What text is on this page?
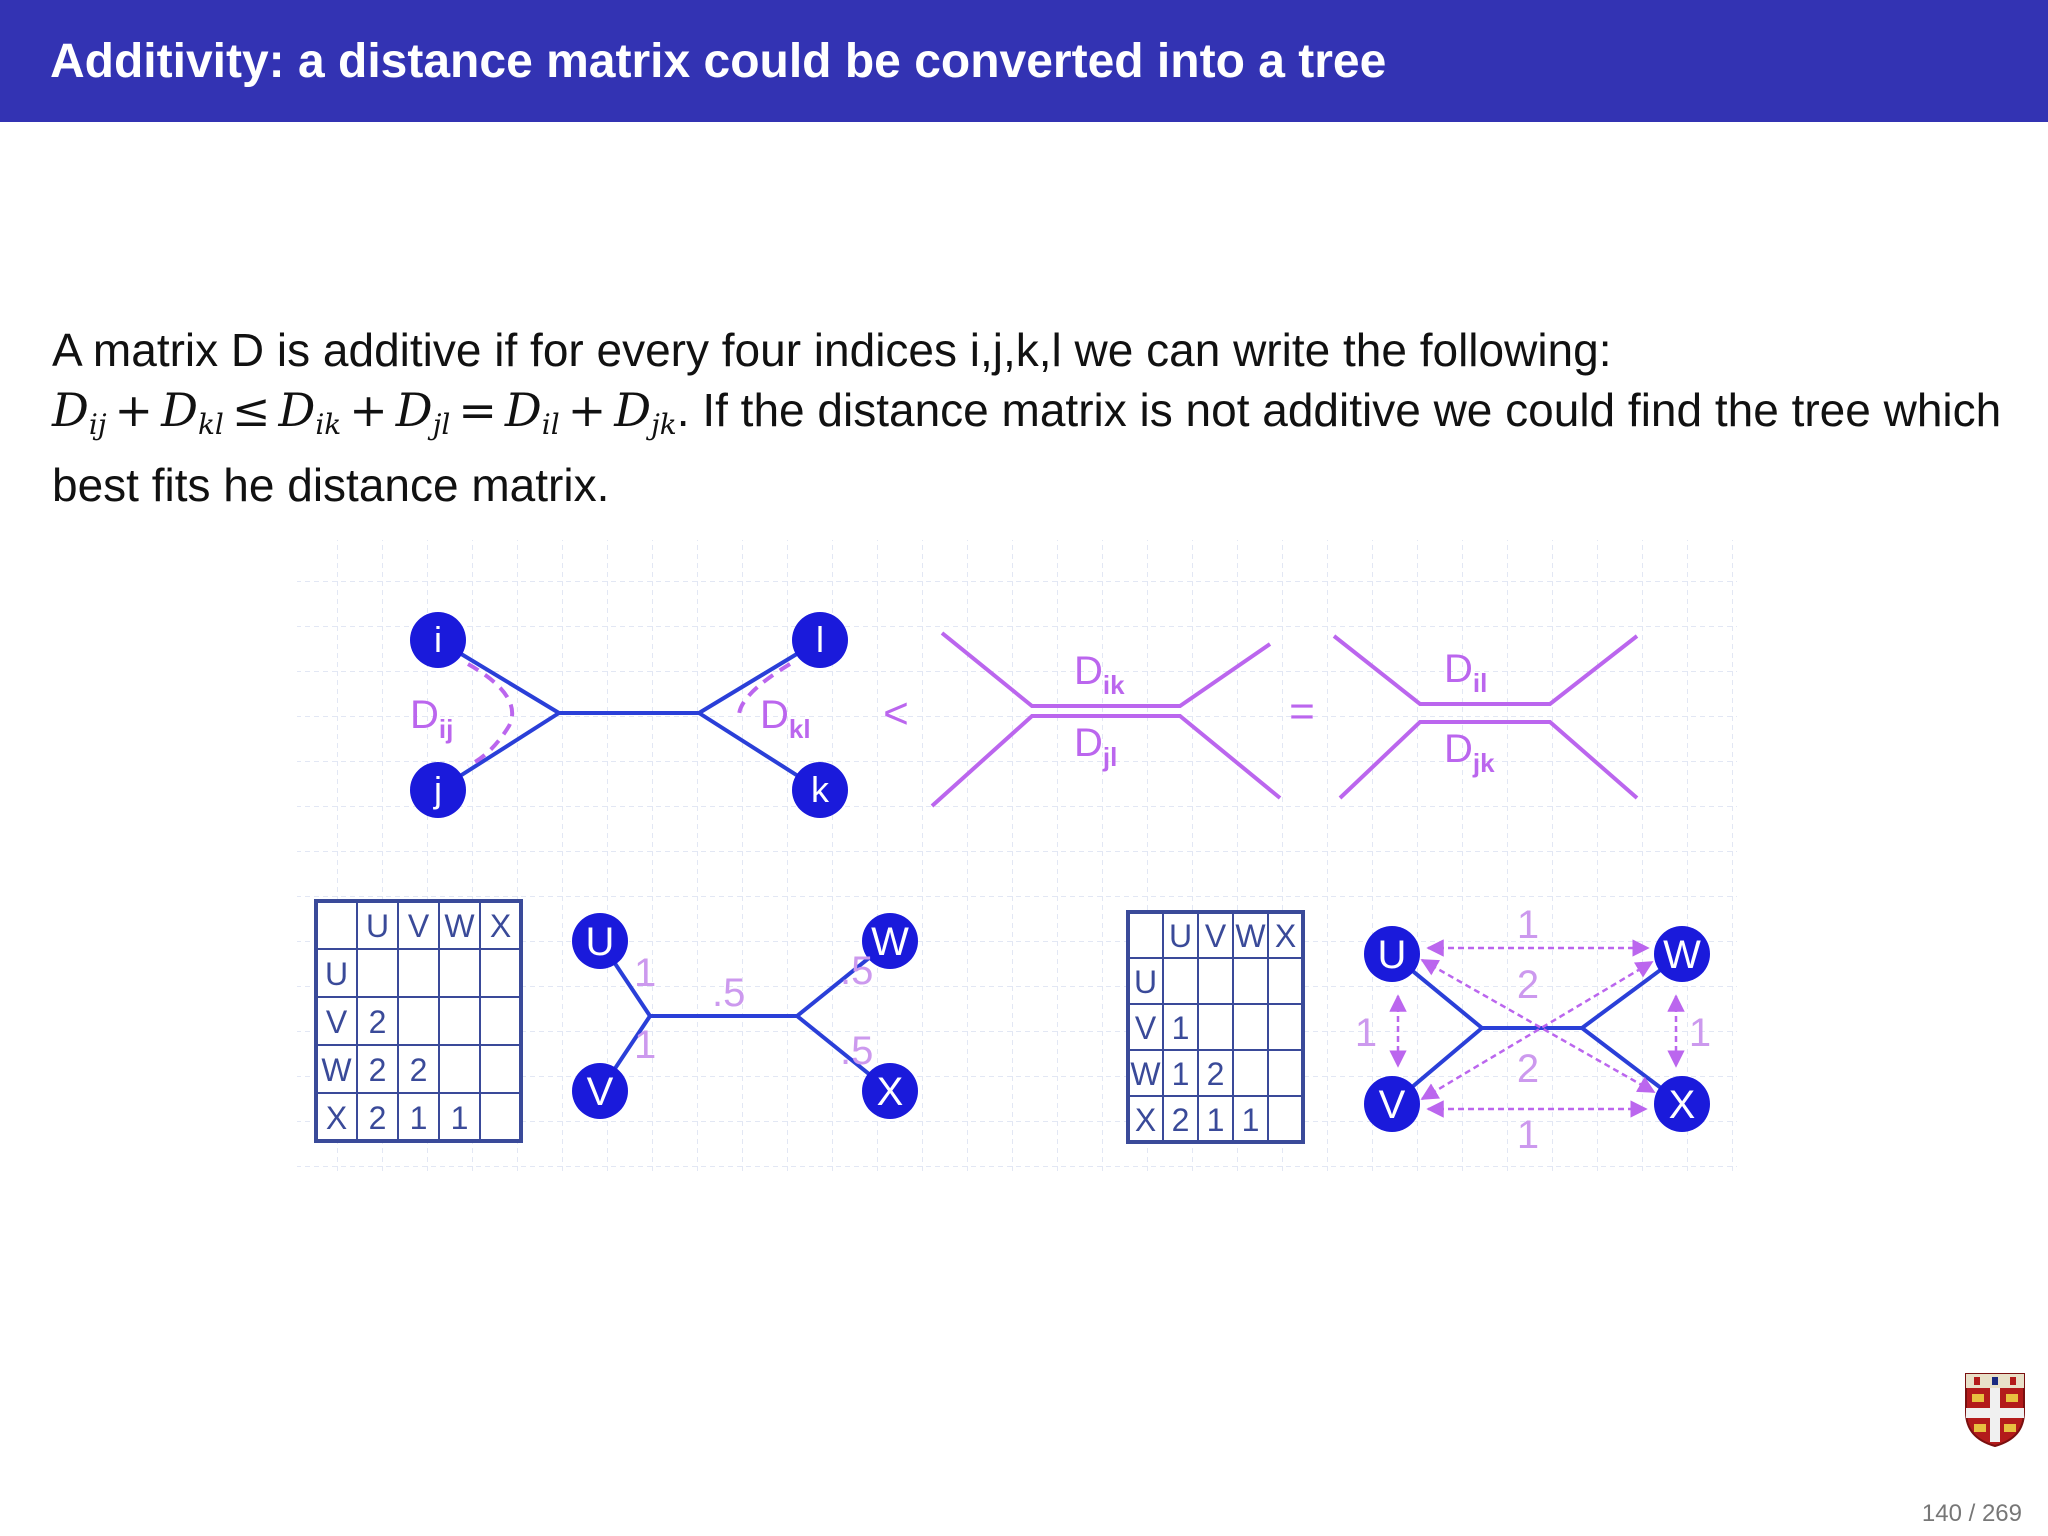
Additivity: a distance matrix could be converted into a tree
A matrix D is additive if for every four indices i,j,k,l we can write the following:
$D_{ij} + D_{kl} \le D_{ik} + D_{jl} = D_{il} + D_{jk}$. If the distance matrix is not additive we could find the tree which best fits he distance matrix.
i
j
l
k
$D_{ij}$	$D_{kl}$ <
$D_{ik}$
$D_{jl}$
=
$D_{il}$
$D_{jk}$
U V W X
U
V 2
W 2 2
X 2 1 1
U
V
W
X
1
1
.5 .5
.5
U V W X
U
V 1
W 1 2
X 2 1 1
U
V
W
X
1
2
1
2
1
1
140 / 269
